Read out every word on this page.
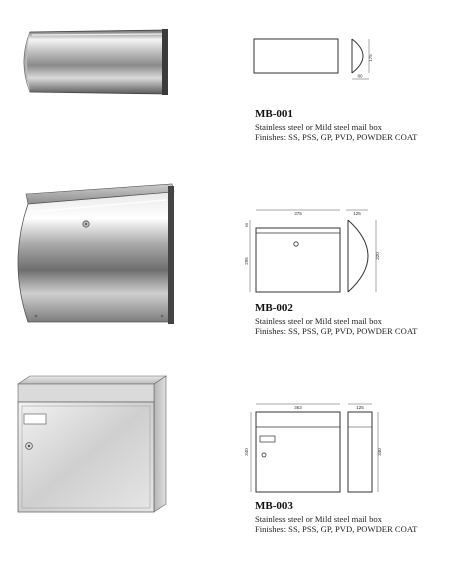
175
80
MB-001
Stainless steel or Mild steel mail box
Finishes: SS, PSS, GP, PVD, POWDER COAT
375
65
295
125
320
MB-002
Stainless steel or Mild steel mail box
Finishes: SS, PSS, GP, PVD, POWDER COAT
363
340
125
340
MB-003
Stainless steel or Mild steel mail box
Finishes: SS, PSS, GP, PVD, POWDER COAT
